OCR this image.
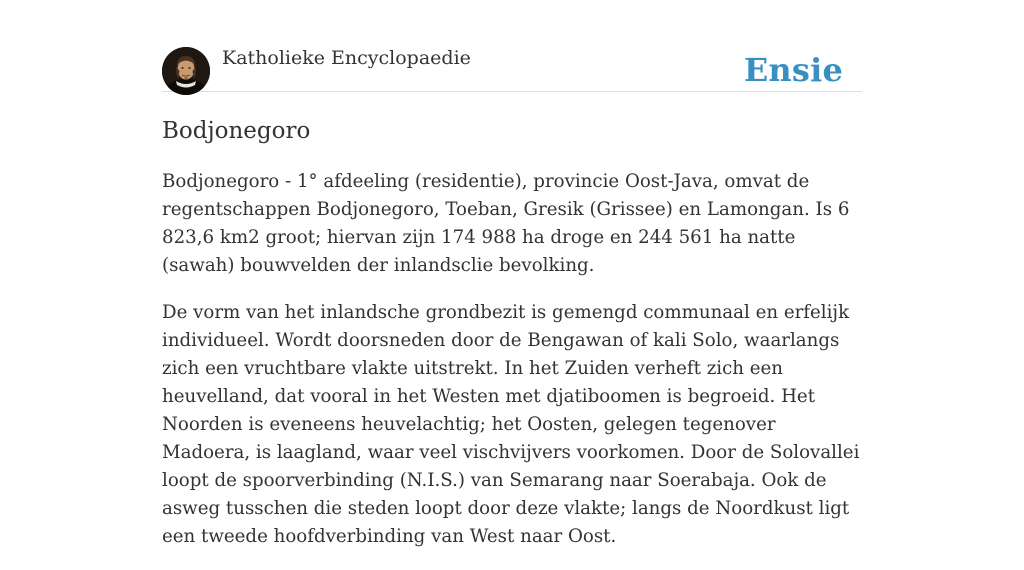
Katholieke Encyclopaedie	Ensie
Bodjonegoro

Bodjonegoro - 1° afdeeling (residentie), provincie Oost-Java, omvat de regentschappen Bodjonegoro, Toeban, Gresik (Grissee) en Lamongan. Is 6 823,6 km2 groot; hiervan zijn 174 988 ha droge en 244 561 ha natte (sawah) bouwvelden der inlandsclie bevolking.

De vorm van het inlandsche grondbezit is gemengd communaal en erfelijk individueel. Wordt doorsneden door de Bengawan of kali Solo, waarlangs zich een vruchtbare vlakte uitstrekt. In het Zuiden verheft zich een heuvelland, dat vooral in het Westen met djatiboomen is begroeid. Het Noorden is eveneens heuvelachtig; het Oosten, gelegen tegenover Madoera, is laagland, waar veel vischvijvers voorkomen. Door de Solovallei loopt de spoorverbinding (N.I.S.) van Semarang naar Soerabaja. Ook de asweg tusschen die steden loopt door deze vlakte; langs de Noordkust ligt een tweede hoofdverbinding van West naar Oost.
